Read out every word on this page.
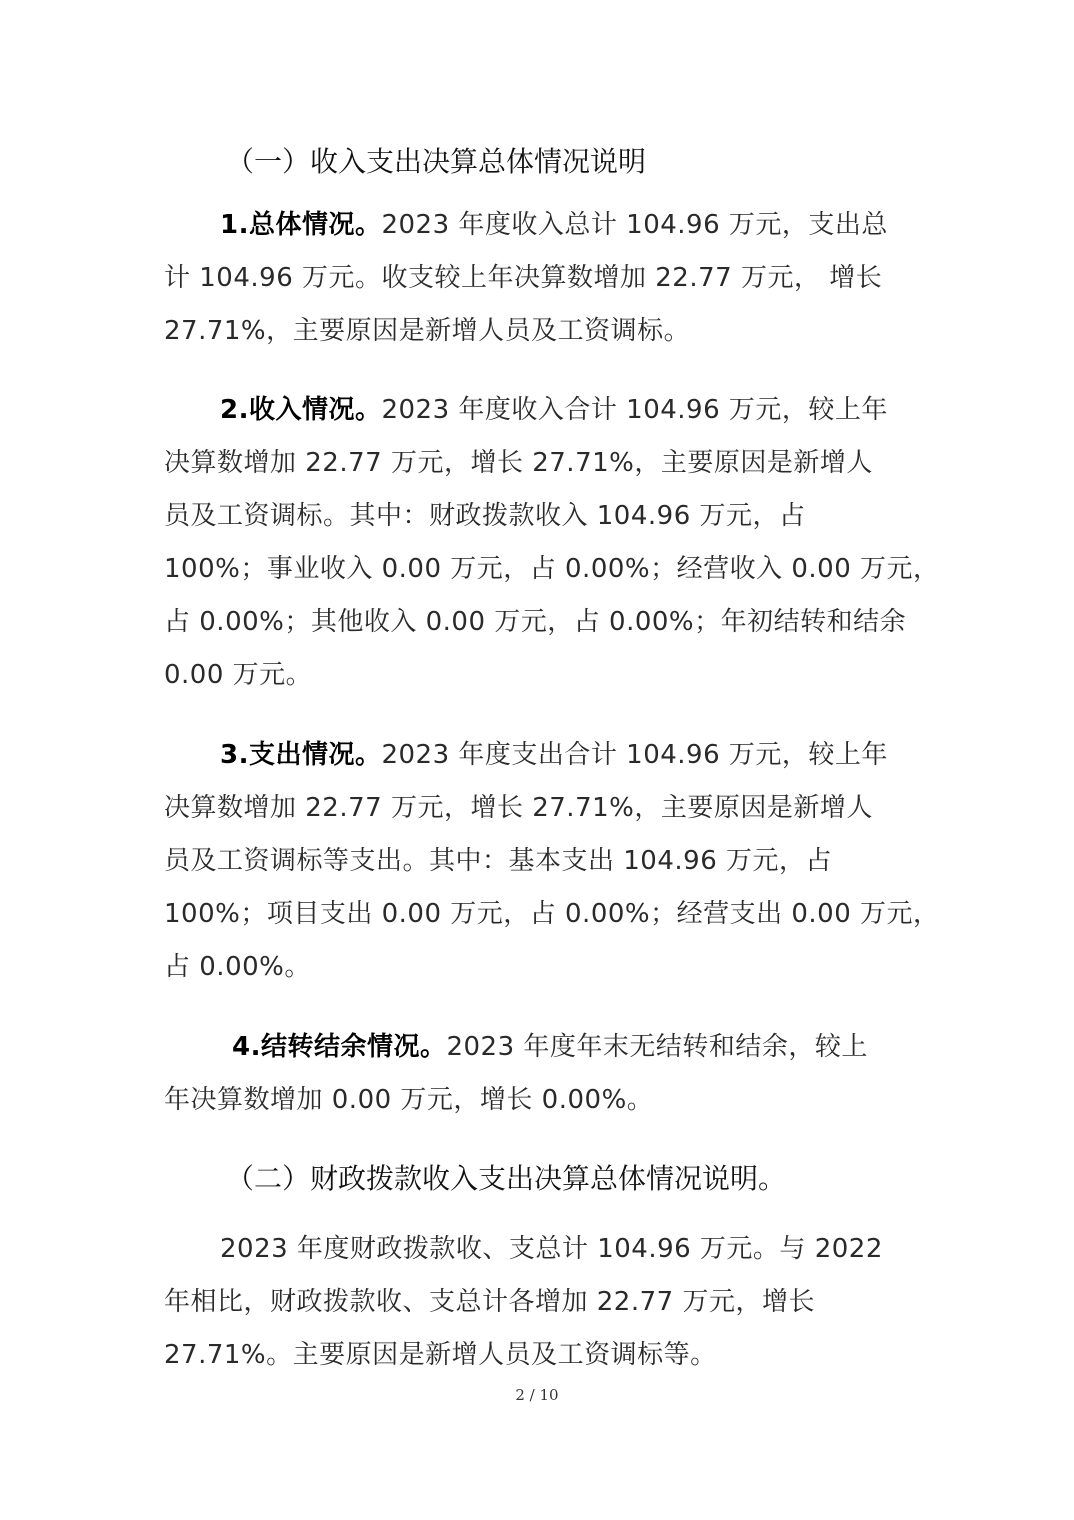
（一）收入支出决算总体情况说明
1.总体情况。2023 年度收入总计 104.96 万元，支出总
计 104.96 万元。收支较上年决算数增加 22.77 万元， 增长
27.71%，主要原因是新增人员及工资调标。
2.收入情况。2023 年度收入合计 104.96 万元，较上年
决算数增加 22.77 万元，增长 27.71%，主要原因是新增人
员及工资调标。其中：财政拨款收入 104.96 万元，占
100%；事业收入 0.00 万元，占 0.00%；经营收入 0.00 万元，
占 0.00%；其他收入 0.00 万元，占 0.00%；年初结转和结余
0.00 万元。
3.支出情况。2023 年度支出合计 104.96 万元，较上年
决算数增加 22.77 万元，增长 27.71%，主要原因是新增人
员及工资调标等支出。其中：基本支出 104.96 万元，占
100%；项目支出 0.00 万元，占 0.00%；经营支出 0.00 万元，
占 0.00%。
4.结转结余情况。2023 年度年末无结转和结余，较上
年决算数增加 0.00 万元，增长 0.00%。
（二）财政拨款收入支出决算总体情况说明。
2023 年度财政拨款收、支总计 104.96 万元。与 2022
年相比，财政拨款收、支总计各增加 22.77 万元，增长
27.71%。主要原因是新增人员及工资调标等。
2 / 10
